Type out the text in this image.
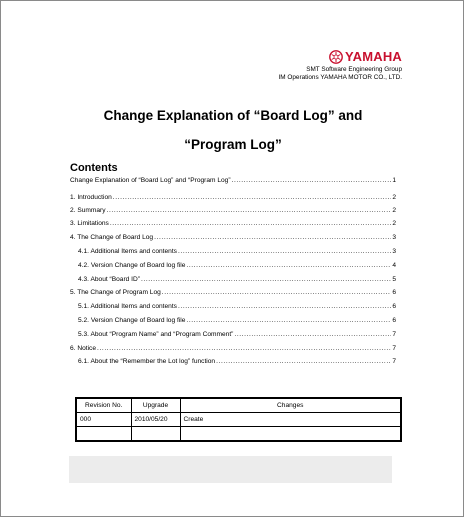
YAMAHA
SMT Software Engineering Group
IM Operations YAMAHA MOTOR CO., LTD.
Change Explanation of “Board Log” and
“Program Log”
Contents
Change Explanation of “Board Log” and “Program Log” .....	1
1. Introduction .....	2
2. Summary .....	2
3. Limitations .....	2
4. The Change of Board Log .....	3
4.1. Additional Items and contents .....	3
4.2. Version Change of Board log file .....	4
4.3. About “Board ID” .....	5
5. The Change of Program Log .....	6
5.1. Additional Items and contents .....	6
5.2. Version Change of Board log file .....	6
5.3. About “Program Name” and “Program Comment” .....	7
6. Notice .....	7
6.1. About the “Remember the Lot log” function .....	7
Revision No.	Upgrade	Changes
000	2010/05/20	Create
